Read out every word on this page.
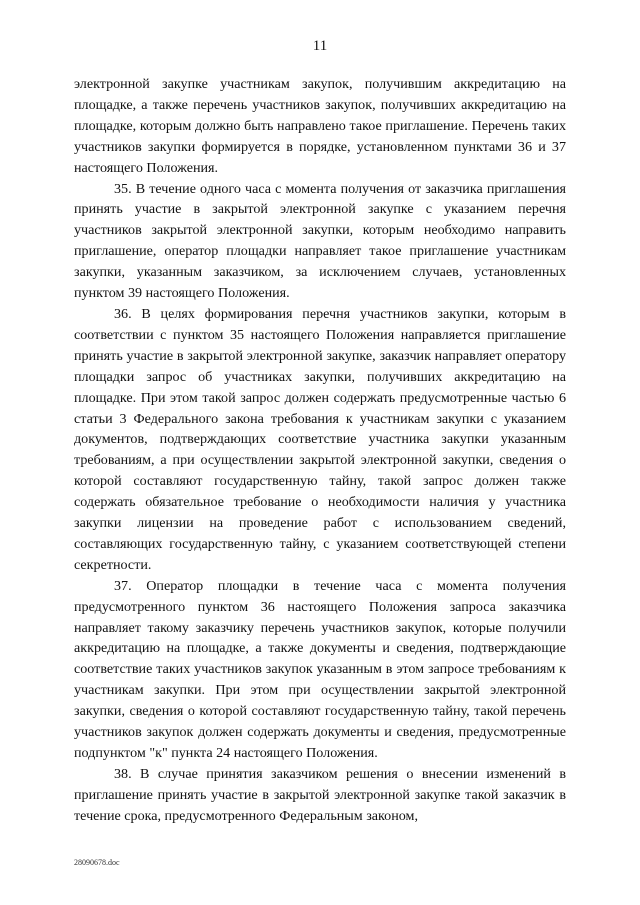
11

электронной закупке участникам закупок, получившим аккредитацию на площадке, а также перечень участников закупок, получивших аккредитацию на площадке, которым должно быть направлено такое приглашение. Перечень таких участников закупки формируется в порядке, установленном пунктами 36 и 37 настоящего Положения.

35. В течение одного часа с момента получения от заказчика приглашения принять участие в закрытой электронной закупке с указанием перечня участников закрытой электронной закупки, которым необходимо направить приглашение, оператор площадки направляет такое приглашение участникам закупки, указанным заказчиком, за исключением случаев, установленных пунктом 39 настоящего Положения.

36. В целях формирования перечня участников закупки, которым в соответствии с пунктом 35 настоящего Положения направляется приглашение принять участие в закрытой электронной закупке, заказчик направляет оператору площадки запрос об участниках закупки, получивших аккредитацию на площадке. При этом такой запрос должен содержать предусмотренные частью 6 статьи 3 Федерального закона требования к участникам закупки с указанием документов, подтверждающих соответствие участника закупки указанным требованиям, а при осуществлении закрытой электронной закупки, сведения о которой составляют государственную тайну, такой запрос должен также содержать обязательное требование о необходимости наличия у участника закупки лицензии на проведение работ с использованием сведений, составляющих государственную тайну, с указанием соответствующей степени секретности.

37. Оператор площадки в течение часа с момента получения предусмотренного пунктом 36 настоящего Положения запроса заказчика направляет такому заказчику перечень участников закупок, которые получили аккредитацию на площадке, а также документы и сведения, подтверждающие соответствие таких участников закупок указанным в этом запросе требованиям к участникам закупки. При этом при осуществлении закрытой электронной закупки, сведения о которой составляют государственную тайну, такой перечень участников закупок должен содержать документы и сведения, предусмотренные подпунктом "к" пункта 24 настоящего Положения.

38. В случае принятия заказчиком решения о внесении изменений в приглашение принять участие в закрытой электронной закупке такой заказчик в течение срока, предусмотренного Федеральным законом,

28090678.doc
